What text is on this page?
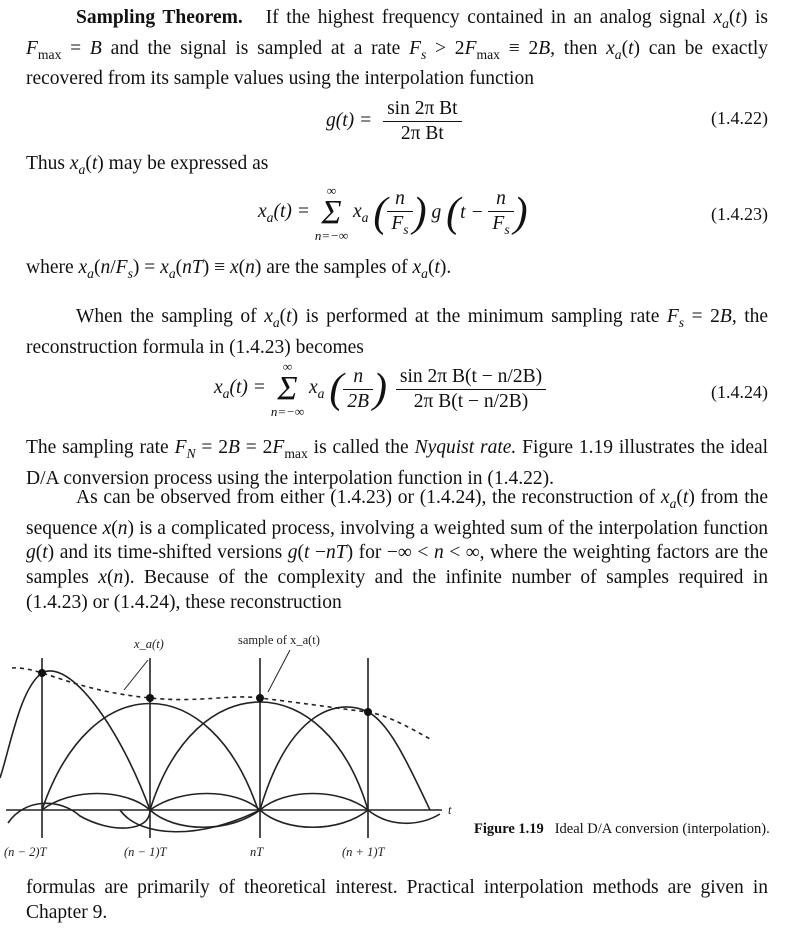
Sampling Theorem. If the highest frequency contained in an analog signal $x_a(t)$ is $F_{max} = B$ and the signal is sampled at a rate $F_s > 2F_{max} \equiv 2B$, then $x_a(t)$ can be exactly recovered from its sample values using the interpolation function

$g(t) = \frac{\text{sin 2π Bt}}{\text{2π Bt}}$	(1.4.22)

Thus $x_a(t)$ may be expressed as

$x_a(t)$ =
∞
Σ
n=−∞
$x_a$ ( $\frac{n}{F_s}$ ) g ($t - \frac{n}{F_s}$ )	(1.4.23)

where $x_a(n/F_s) = x_a(nT) \equiv x(n)$ are the samples of $x_a(t)$.

When the sampling of $x_a(t)$ is performed at the minimum sampling rate $F_s = 2B$, the reconstruction formula in (1.4.23) becomes

$x_a(t)$ =
∞
Σ
n=−∞
$x_a$ ( $\frac{n}{2B}$ ) $\frac{\text{sin 2π B(t − n/2B)}}{\text{2π B(t − n/2B)}}$	(1.4.24)

The sampling rate $F_N = 2B = 2F_{max}$ is called the Nyquist rate. Figure 1.19 illustrates the ideal D/A conversion process using the interpolation function in (1.4.22).

As can be observed from either (1.4.23) or (1.4.24), the reconstruction of $x_a(t)$ from the sequence x(n) is a complicated process, involving a weighted sum of the interpolation function g(t) and its time-shifted versions g(t −nT) for −∞ < n < ∞, where the weighting factors are the samples x(n). Because of the complexity and the infinite number of samples required in (1.4.23) or (1.4.24), these reconstruction

x_a(t)	sample of x_a(t)
t
(n − 2)T	(n − 1)T	nT	(n + 1)T
Figure 1.19 Ideal D/A conversion (interpolation).

formulas are primarily of theoretical interest. Practical interpolation methods are given in Chapter 9.
